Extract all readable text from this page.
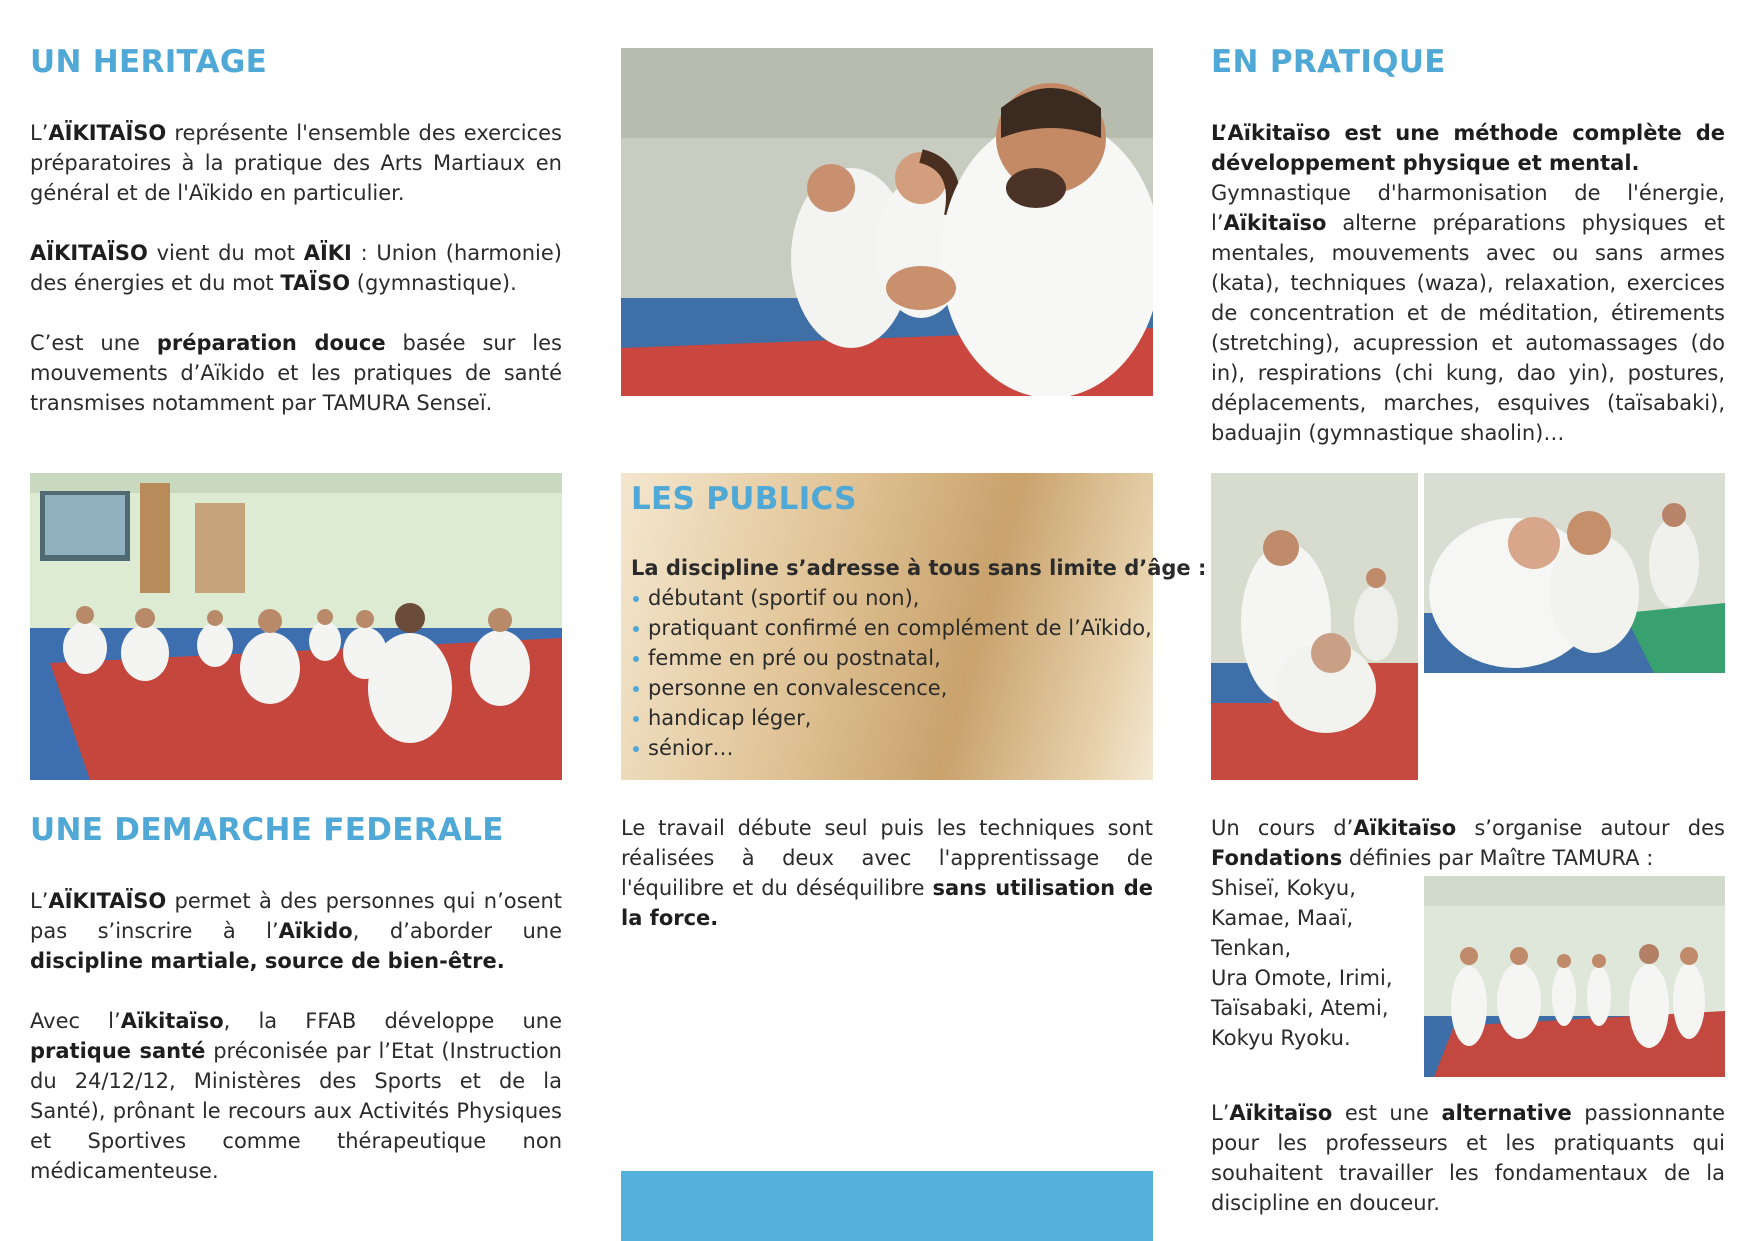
UN HERITAGE

L’AÏKITAÏSO représente l'ensemble des exercices préparatoires à la pratique des Arts Martiaux en général et de l'Aïkido en particulier.

AÏKITAÏSO vient du mot AÏKI : Union (harmonie) des énergies et du mot TAÏSO (gymnastique).

C’est une préparation douce basée sur les mouvements d’Aïkido et les pratiques de santé transmises notamment par TAMURA Senseï.

UNE DEMARCHE FEDERALE

L’AÏKITAÏSO permet à des personnes qui n’osent pas s’inscrire à l’Aïkido, d’aborder une discipline martiale, source de bien-être.

Avec l’Aïkitaïso, la FFAB développe une pratique santé préconisée par l’Etat (Instruction du 24/12/12, Ministères des Sports et de la Santé), prônant le recours aux Activités Physiques et Sportives comme thérapeutique non médicamenteuse.

LES PUBLICS

La discipline s’adresse à tous sans limite d’âge :

débutant (sportif ou non),
pratiquant confirmé en complément de l’Aïkido,
femme en pré ou postnatal,
personne en convalescence,
handicap léger,
sénior…

Le travail débute seul puis les techniques sont réalisées à deux avec l'apprentissage de l'équilibre et du déséquilibre sans utilisation de la force.

EN PRATIQUE

L’Aïkitaïso est une méthode complète de développement physique et mental.

Gymnastique d'harmonisation de l'énergie, l’Aïkitaïso alterne préparations physiques et mentales, mouvements avec ou sans armes (kata), techniques (waza), relaxation, exercices de concentration et de méditation, étirements (stretching), acupression et automassages (do in), respirations (chi kung, dao yin), postures, déplacements, marches, esquives (taïsabaki), baduajin (gymnastique shaolin)…

Un cours d’Aïkitaïso s’organise autour des Fondations définies par Maître TAMURA :

Shiseï, Kokyu,

Kamae, Maaï,

Tenkan,

Ura Omote, Irimi,

Taïsabaki, Atemi,

Kokyu Ryoku.

L’Aïkitaïso est une alternative passionnante pour les professeurs et les pratiquants qui souhaitent travailler les fondamentaux de la discipline en douceur.
